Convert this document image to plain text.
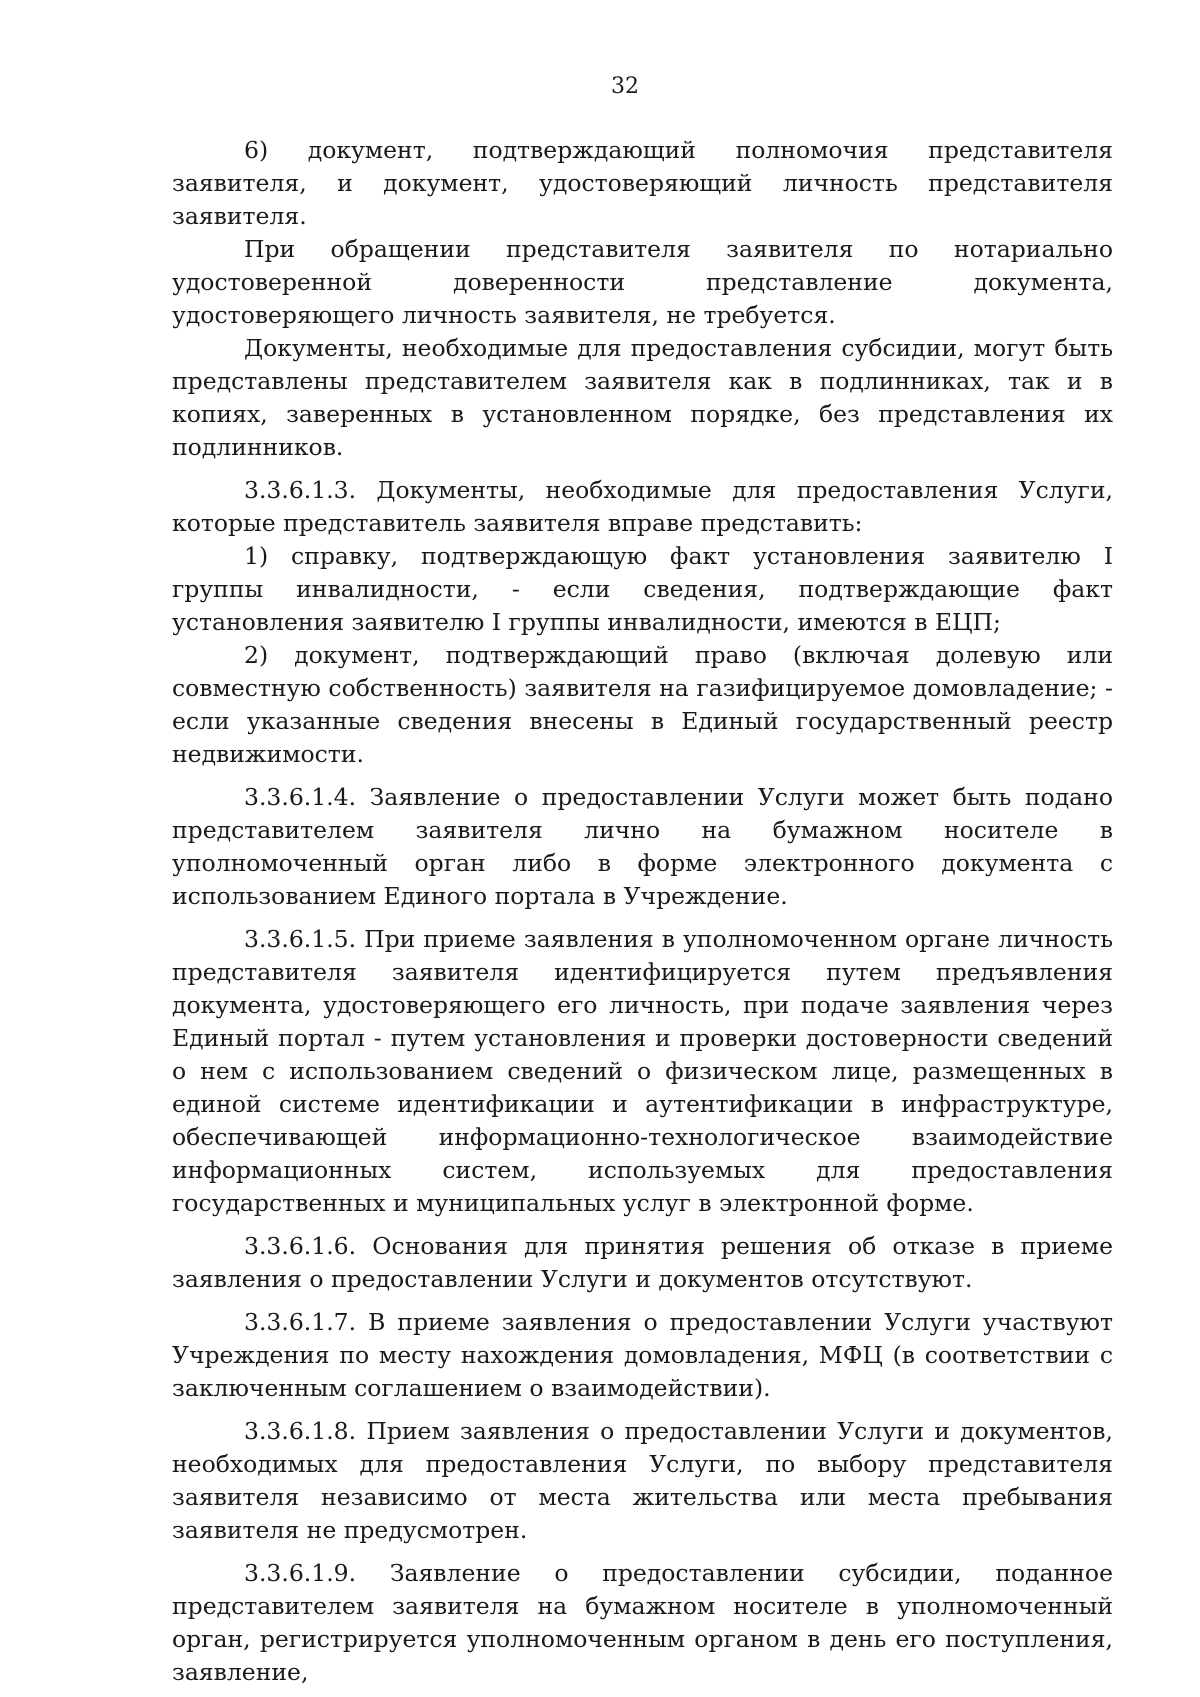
32

6) документ, подтверждающий полномочия представителя заявителя, и документ, удостоверяющий личность представителя заявителя.

При обращении представителя заявителя по нотариально удостоверенной доверенности представление документа, удостоверяющего личность заявителя, не требуется.

Документы, необходимые для предоставления субсидии, могут быть представлены представителем заявителя как в подлинниках, так и в копиях, заверенных в установленном порядке, без представления их подлинников.

3.3.6.1.3. Документы, необходимые для предоставления Услуги, которые представитель заявителя вправе представить:

1) справку, подтверждающую факт установления заявителю I группы инвалидности, - если сведения, подтверждающие факт установления заявителю I группы инвалидности, имеются в ЕЦП;

2) документ, подтверждающий право (включая долевую или совместную собственность) заявителя на газифицируемое домовладение; - если указанные сведения внесены в Единый государственный реестр недвижимости.

3.3.6.1.4. Заявление о предоставлении Услуги может быть подано представителем заявителя лично на бумажном носителе в уполномоченный орган либо в форме электронного документа с использованием Единого портала в Учреждение.

3.3.6.1.5. При приеме заявления в уполномоченном органе личность представителя заявителя идентифицируется путем предъявления документа, удостоверяющего его личность, при подаче заявления через Единый портал - путем установления и проверки достоверности сведений о нем с использованием сведений о физическом лице, размещенных в единой системе идентификации и аутентификации в инфраструктуре, обеспечивающей информационно-технологическое взаимодействие информационных систем, используемых для предоставления государственных и муниципальных услуг в электронной форме.

3.3.6.1.6. Основания для принятия решения об отказе в приеме заявления о предоставлении Услуги и документов отсутствуют.

3.3.6.1.7. В приеме заявления о предоставлении Услуги участвуют Учреждения по месту нахождения домовладения, МФЦ (в соответствии с заключенным соглашением о взаимодействии).

3.3.6.1.8. Прием заявления о предоставлении Услуги и документов, необходимых для предоставления Услуги, по выбору представителя заявителя независимо от места жительства или места пребывания заявителя не предусмотрен.

3.3.6.1.9. Заявление о предоставлении субсидии, поданное представителем заявителя на бумажном носителе в уполномоченный орган, регистрируется уполномоченным органом в день его поступления, заявление,
